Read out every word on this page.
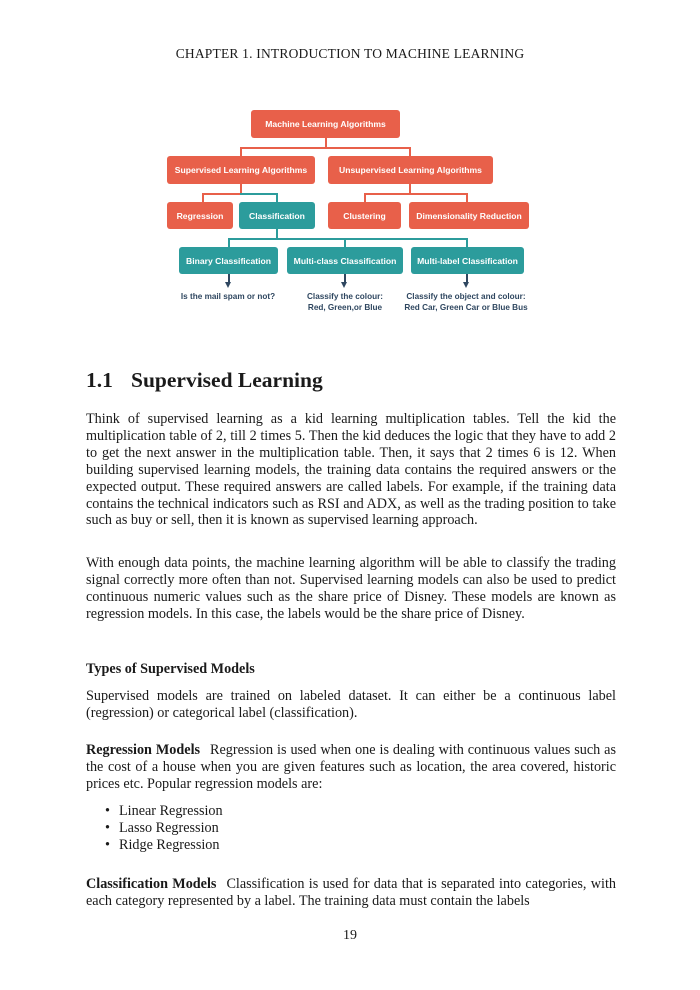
CHAPTER 1. INTRODUCTION TO MACHINE LEARNING
Machine Learning Algorithms
Supervised Learning Algorithms	Unsupervised Learning Algorithms
Regression	Classification	Clustering	Dimensionality Reduction
Binary Classification	Multi-class Classification	Multi-label Classification
Is the mail spam or not?	Classify the colour:
Red, Green,or Blue
Classify the object and colour:
Red Car, Green Car or Blue Bus
1.1 Supervised Learning

Think of supervised learning as a kid learning multiplication tables. Tell the kid the multiplication table of 2, till 2 times 5. Then the kid deduces the logic that they have to add 2 to get the next answer in the multiplication table. Then, it says that 2 times 6 is 12. When building supervised learning models, the training data contains the required answers or the expected output. These required answers are called labels. For example, if the training data contains the technical indicators such as RSI and ADX, as well as the trading position to take such as buy or sell, then it is known as supervised learning approach.

With enough data points, the machine learning algorithm will be able to classify the trading signal correctly more often than not. Supervised learning models can also be used to predict continuous numeric values such as the share price of Disney. These models are known as regression models. In this case, the labels would be the share price of Disney.

Types of Supervised Models

Supervised models are trained on labeled dataset. It can either be a continuous label (regression) or categorical label (classification).

Regression Models Regression is used when one is dealing with continuous values such as the cost of a house when you are given features such as location, the area covered, historic prices etc. Popular regression models are:

• Linear Regression
• Lasso Regression
• Ridge Regression

Classification Models Classification is used for data that is separated into categories, with each category represented by a label. The training data must contain the labels

19
